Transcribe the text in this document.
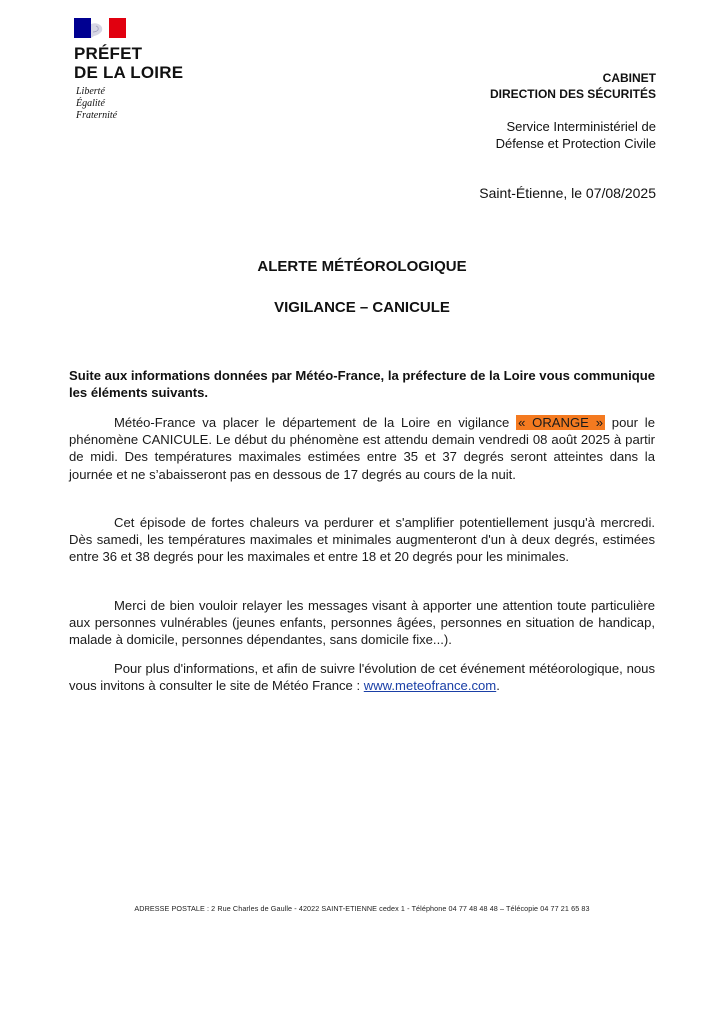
PRÉFET
DE LA LOIRE
Liberté
Égalité
Fraternité
CABINET
DIRECTION DES SÉCURITÉS
Service Interministériel de
Défense et Protection Civile
Saint-Étienne, le 07/08/2025
ALERTE MÉTÉOROLOGIQUE
VIGILANCE – CANICULE
Suite aux informations données par Météo-France, la préfecture de la Loire vous communique les éléments suivants.
Météo-France va placer le département de la Loire en vigilance « ORANGE » pour le phénomène CANICULE. Le début du phénomène est attendu demain vendredi 08 août 2025 à partir de midi. Des températures maximales estimées entre 35 et 37 degrés seront atteintes dans la journée et ne s’abaisseront pas en dessous de 17 degrés au cours de la nuit.
Cet épisode de fortes chaleurs va perdurer et s'amplifier potentiellement jusqu'à mercredi. Dès samedi, les températures maximales et minimales augmenteront d'un à deux degrés, estimées entre 36 et 38 degrés pour les maximales et entre 18 et 20 degrés pour les minimales.
Merci de bien vouloir relayer les messages visant à apporter une attention toute particulière aux personnes vulnérables (jeunes enfants, personnes âgées, personnes en situation de handicap, malade à domicile, personnes dépendantes, sans domicile fixe...).
Pour plus d'informations, et afin de suivre l'évolution de cet événement météorologique, nous vous invitons à consulter le site de Météo France : www.meteofrance.com.
ADRESSE POSTALE : 2 Rue Charles de Gaulle - 42022 SAINT-ETIENNE cedex 1 - Téléphone 04 77 48 48 48 – Télécopie 04 77 21 65 83
